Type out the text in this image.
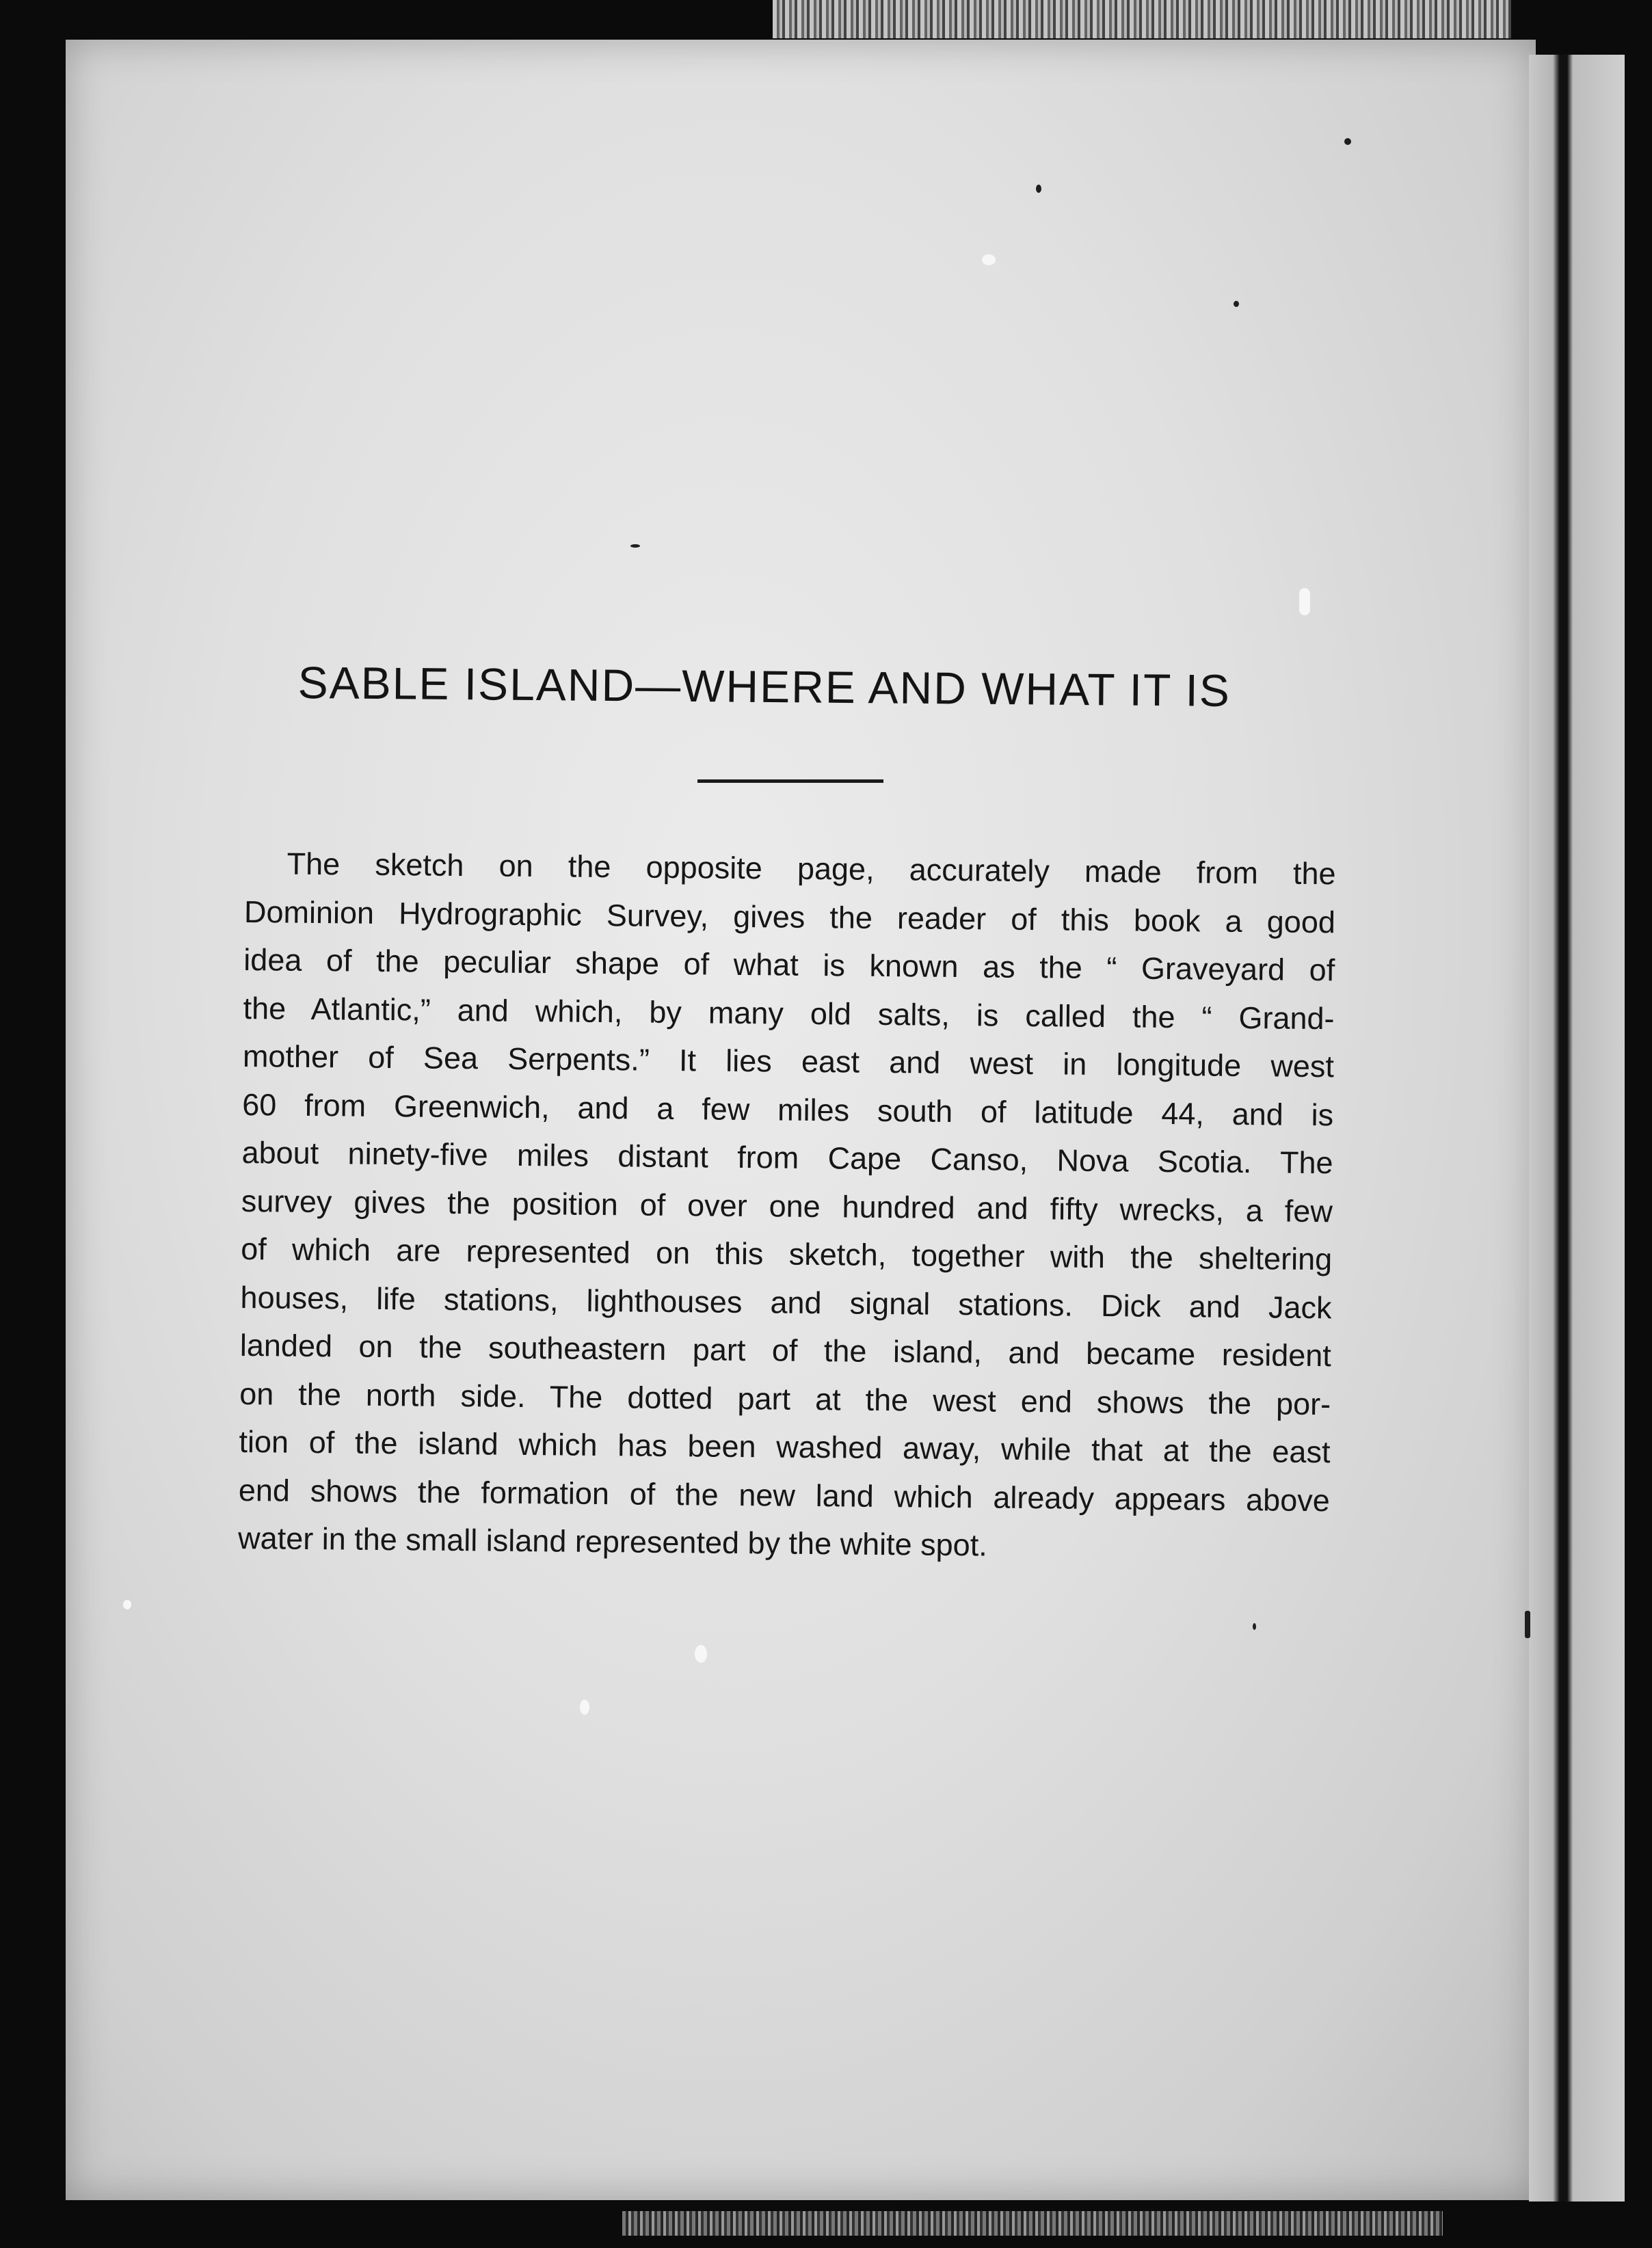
SABLE ISLAND—WHERE AND WHAT IT IS
The sketch on the opposite page, accurately made from the
Dominion Hydrographic Survey, gives the reader of this book a good
idea of the peculiar shape of what is known as the “ Graveyard of
the Atlantic,” and which, by many old salts, is called the “ Grand-
mother of Sea Serpents.” It lies east and west in longitude west
60 from Greenwich, and a few miles south of latitude 44, and is
about ninety-five miles distant from Cape Canso, Nova Scotia. The
survey gives the position of over one hundred and fifty wrecks, a few
of which are represented on this sketch, together with the sheltering
houses, life stations, lighthouses and signal stations. Dick and Jack
landed on the southeastern part of the island, and became resident
on the north side. The dotted part at the west end shows the por-
tion of the island which has been washed away, while that at the east
end shows the formation of the new land which already appears above
water in the small island represented by the white spot.
